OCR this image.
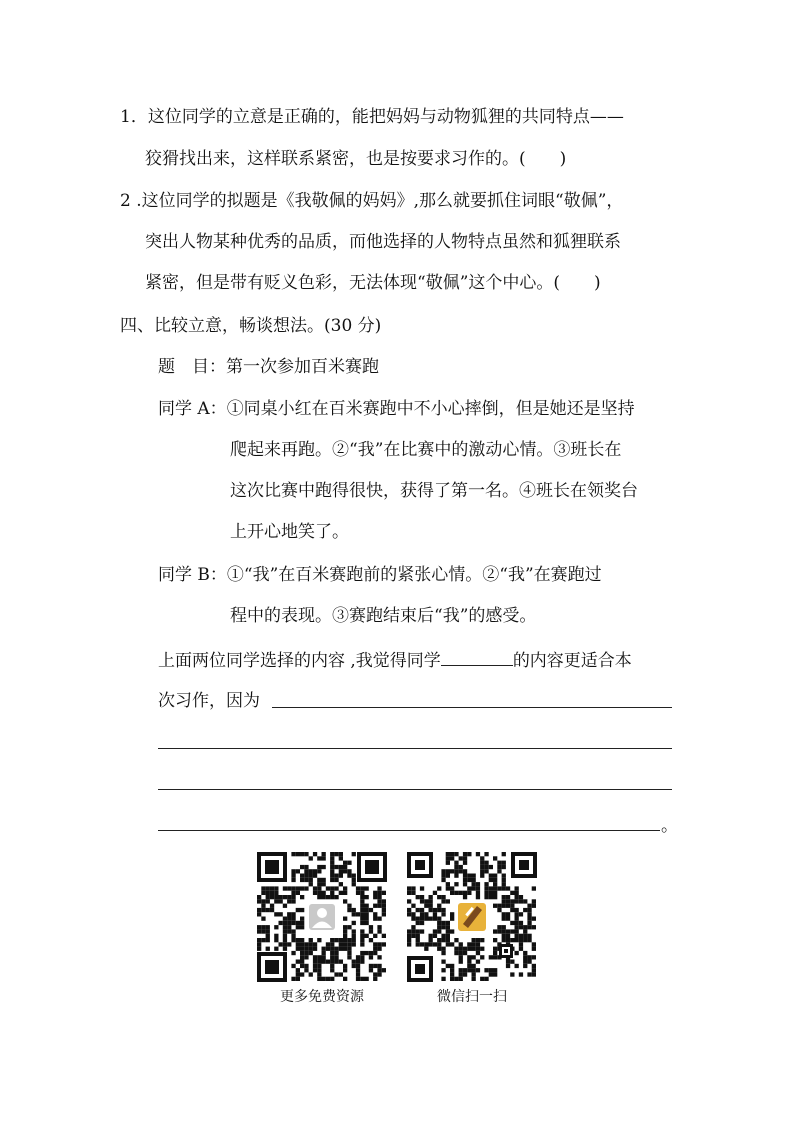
1．这位同学的立意是正确的，能把妈妈与动物狐狸的共同特点——
狡猾找出来，这样联系紧密，也是按要求习作的。(　　)
2 .这位同学的拟题是《我敬佩的妈妈》,那么就要抓住词眼“敬佩”，
突出人物某种优秀的品质，而他选择的人物特点虽然和狐狸联系
紧密，但是带有贬义色彩，无法体现“敬佩”这个中心。(　　)
四、比较立意，畅谈想法。(30 分)
题　目：第一次参加百米赛跑
同学 A：①同桌小红在百米赛跑中不小心摔倒，但是她还是坚持
爬起来再跑。②“我”在比赛中的激动心情。③班长在
这次比赛中跑得很快，获得了第一名。④班长在领奖台
上开心地笑了。
同学 B：①“我”在百米赛跑前的紧张心情。②“我”在赛跑过
程中的表现。③赛跑结束后“我”的感受。
上面两位同学选择的内容 ,我觉得同学	的内容更适合本
次习作，因为
。
更多免费资源	微信扫一扫
